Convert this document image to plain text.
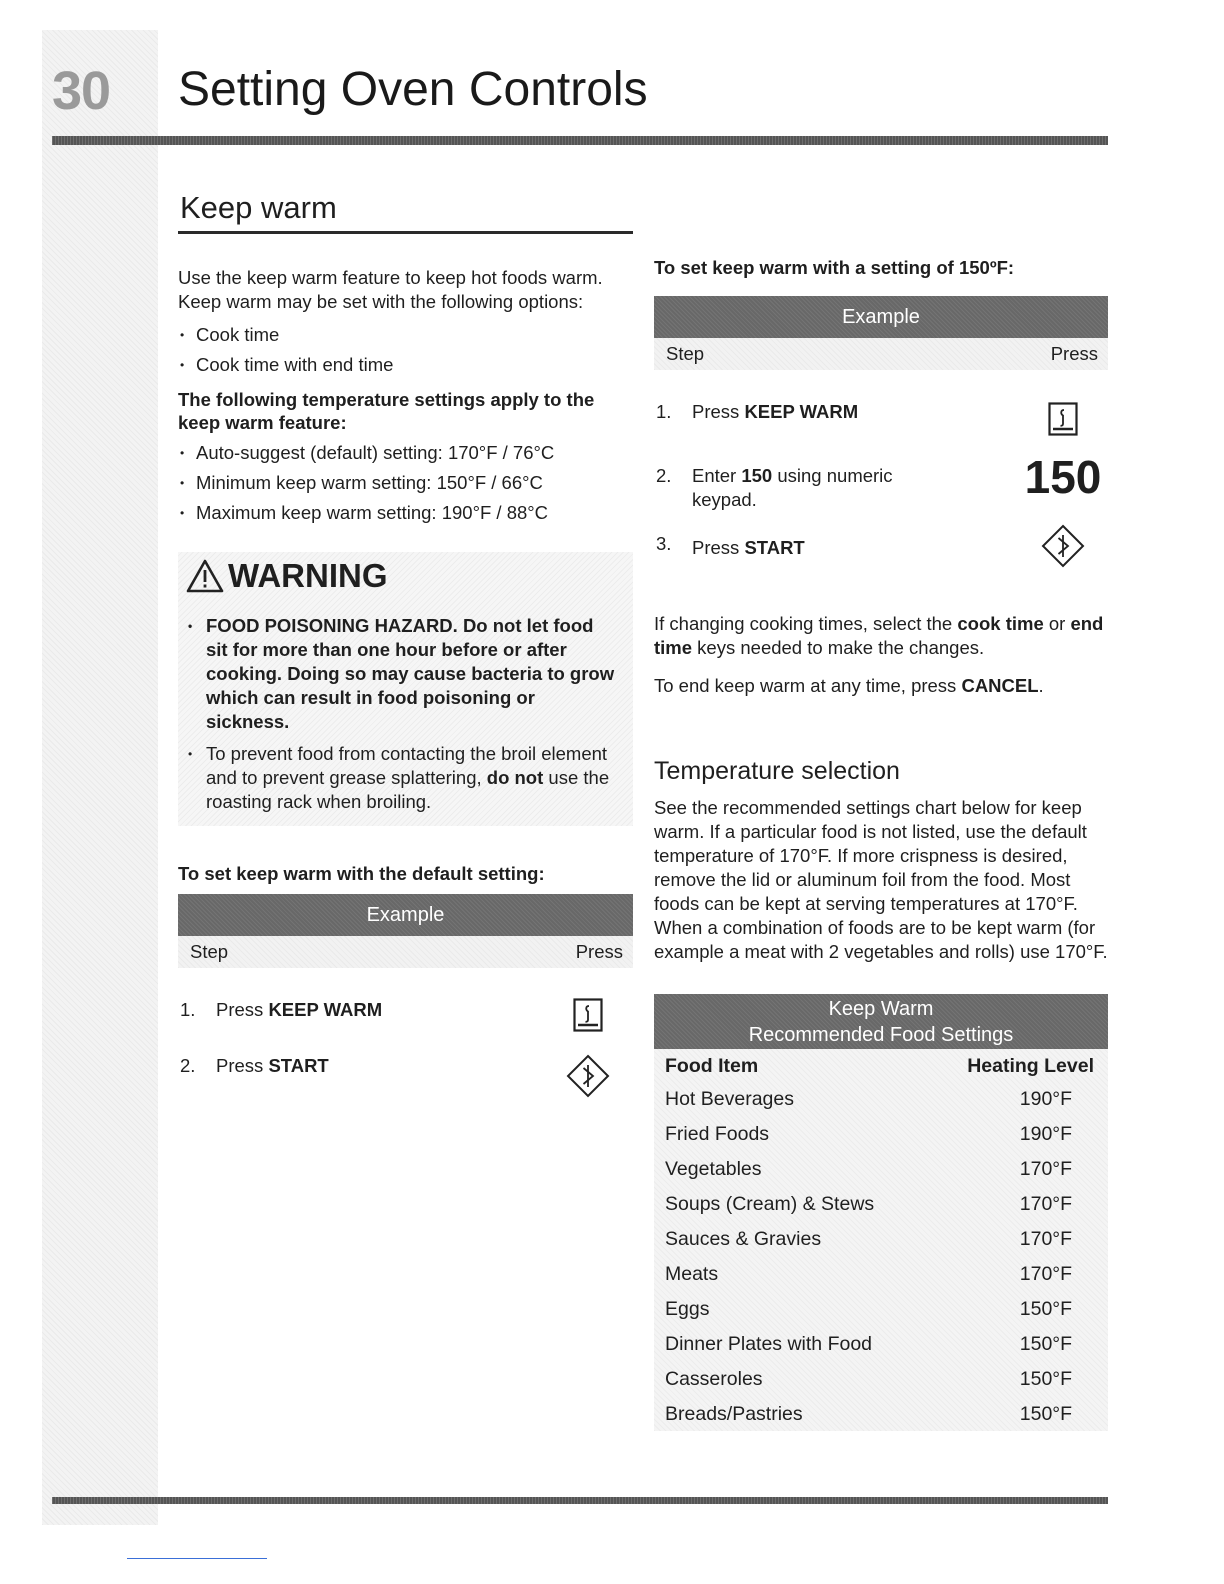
30 Setting Oven Controls
Keep warm

Use the keep warm feature to keep hot foods warm. Keep warm may be set with the following options:

• Cook time
• Cook time with end time

The following temperature settings apply to the keep warm feature:

• Auto-suggest (default) setting: 170°F / 76°C
• Minimum keep warm setting: 150°F / 66°C
• Maximum keep warm setting: 190°F / 88°C
WARNING
• FOOD POISONING HAZARD. Do not let food sit for more than one hour before or after cooking. Doing so may cause bacteria to grow which can result in food poisoning or sickness.
• To prevent food from contacting the broil element and to prevent grease splattering, do not use the roasting rack when broiling.

To set keep warm with the default setting:

Example
Step	Press
1.	Press KEEP WARM
2.	Press START

To set keep warm with a setting of 150ºF:

Example
Step	Press
1.	Press KEEP WARM
2.	Enter 150 using numeric keypad.	150
3.	Press START

If changing cooking times, select the cook time or end time keys needed to make the changes.

To end keep warm at any time, press CANCEL.

Temperature selection

See the recommended settings chart below for keep warm. If a particular food is not listed, use the default temperature of 170°F. If more crispness is desired, remove the lid or aluminum foil from the food. Most foods can be kept at serving temperatures at 170°F. When a combination of foods are to be kept warm (for example a meat with 2 vegetables and rolls) use 170°F.

Keep Warm
Recommended Food Settings
Food Item	Heating Level
Hot Beverages	190°F
Fried Foods	190°F
Vegetables	170°F
Soups (Cream) & Stews	170°F
Sauces & Gravies	170°F
Meats	170°F
Eggs	150°F
Dinner Plates with Food	150°F
Casseroles	150°F
Breads/Pastries	150°F
